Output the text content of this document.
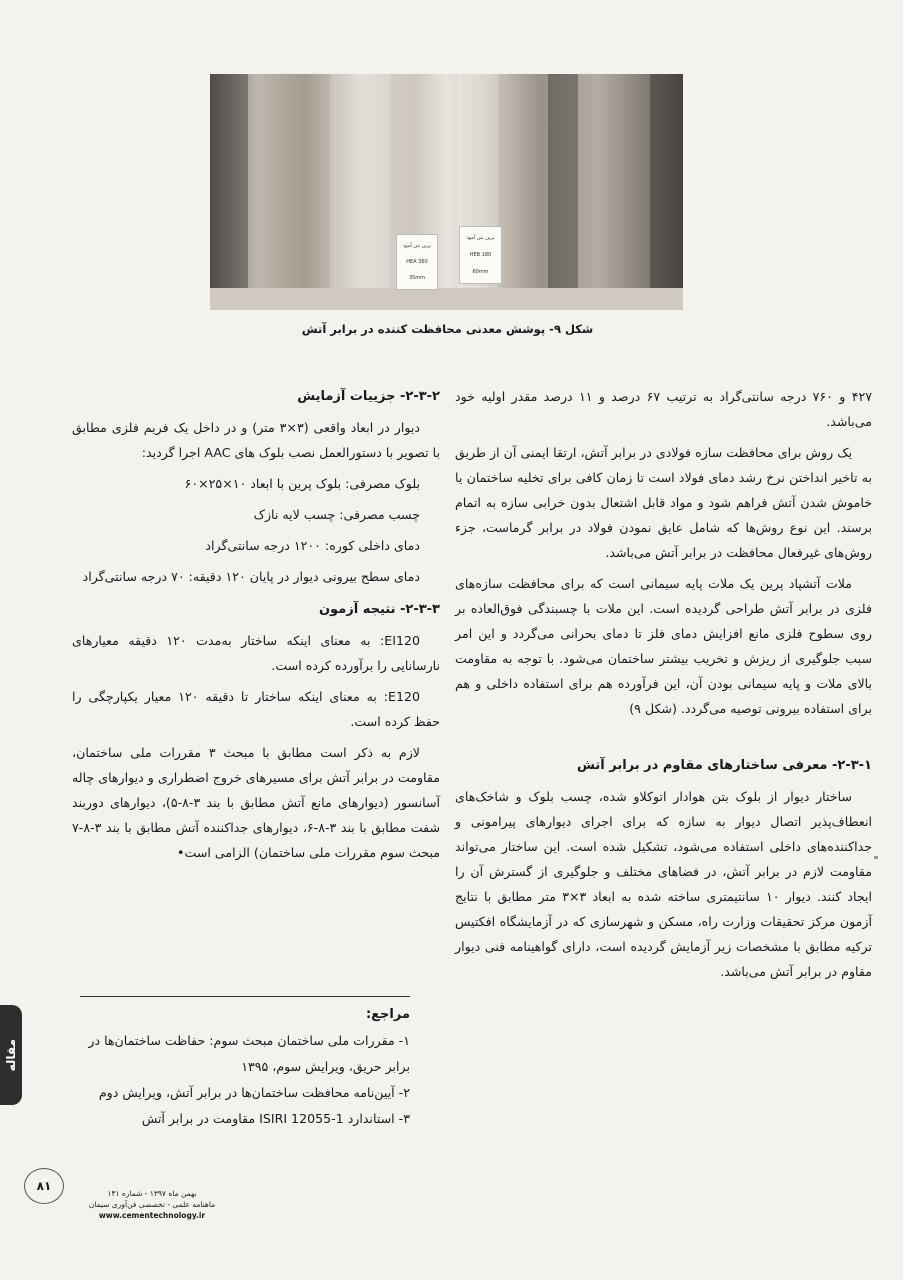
پرین بتن آمود
HEA 360
35mm
پرین بتن آمود
HEB 180
60mm
شکل ۹- پوشش معدنی محافظت کننده در برابر آتش

۴۲۷ و ۷۶۰ درجه سانتی‌گراد به ترتیب ۶۷ درصد و ۱۱ درصد مقدر اولیه خود می‌باشد.

یک روش برای محافظت سازه فولادی در برابر آتش، ارتقا ایمنی آن از طریق به تاخیر انداختن نرخ رشد دمای فولاد است تا زمان کافی برای تخلیه ساختمان یا خاموش شدن آتش فراهم شود و مواد قابل اشتعال بدون خرابی سازه به اتمام برسند. این نوع روش‌ها که شامل عایق نمودن فولاد در برابر گرماست، جزء روش‌های غیرفعال محافظت در برابر آتش می‌باشد.

ملات آتشپاد پرین یک ملات پایه سیمانی است که برای محافظت سازه‌های فلزی در برابر آتش طراحی گردیده است. این ملات با چسبندگی فوق‌العاده بر روی سطوح فلزی مانع افزایش دمای فلز تا دمای بحرانی می‌گردد و این امر سبب جلوگیری از ریزش و تخریب بیشتر ساختمان می‌شود. با توجه به مقاومت بالای ملات و پایه سیمانی بودن آن، این فرآورده هم برای استفاده داخلی و هم برای استفاده بیرونی توصیه می‌گردد. (شکل ۹)

۲-۳-۱- معرفی ساختارهای مقاوم در برابر آتش

ساختار دیوار از بلوک بتن هوادار اتوکلاو شده، چسب بلوک و شاخک‌های انعطاف‌پذیر اتصال دیوار به سازه که برای اجرای دیوارهای پیرامونی و جداکننده‌های داخلی استفاده می‌شود، تشکیل شده است. این ساختار می‌تواند مقاومت لازم در برابر آتش، در فضاهای مختلف و جلوگیری از گسترش آن را ایجاد کنند. دیوار ۱۰ سانتیمتری ساخته شده به ابعاد ۳×۳ متر مطابق با نتایج آزمون مرکز تحقیقات وزارت راه، مسکن و شهرسازی که در آزمایشگاه افکتیس ترکیه مطابق با مشخصات زیر آزمایش گردیده است، دارای گواهینامه فنی دیوار مقاوم در برابر آتش می‌باشد.

۲-۳-۲- جزییات آزمایش

دیوار در ابعاد واقعی (۳×۳ متر) و در داخل یک فریم فلزی مطابق با تصویر با دستورالعمل نصب بلوک های AAC اجرا گردید:

بلوک مصرفی: بلوک پرین با ابعاد ۱۰×۲۵×۶۰

چسب مصرفی: چسب لایه نازک

دمای داخلی کوره: ۱۲۰۰ درجه سانتی‌گراد

دمای سطح بیرونی دیوار در پایان ۱۲۰ دقیقه: ۷۰ درجه سانتی‌گراد

۲-۳-۳- نتیجه آزمون

EI120: به معنای اینکه ساختار به‌مدت ۱۲۰ دقیقه معیارهای نارسانایی را برآورده کرده است.

E120: به معنای اینکه ساختار تا دقیقه ۱۲۰ معیار یکپارچگی را حفظ کرده است.

لازم به ذکر است مطابق با مبحث ۳ مقررات ملی ساختمان، مقاومت در برابر آتش برای مسیرهای خروج اضطراری و دیوارهای چاله آسانسور (دیوارهای مانع آتش مطابق با بند ۳-۸-۵)، دیوارهای دوربند شفت مطابق با بند ۳-۸-۶، دیوارهای جداکننده آتش مطابق با بند ۳-۸-۷ مبحث سوم مقررات ملی ساختمان) الزامی است•

مراجع:

۱- مقررات ملی ساختمان مبحث سوم: حفاظت ساختمان‌ها در برابر حریق، ویرایش سوم، ۱۳۹۵

۲- آیین‌نامه محافظت ساختمان‌ها در برابر آتش، ویرایش دوم

۳- استاندارد ISIRI 12055-1 مقاومت در برابر آتش

مقاله
۸۱
بهمن ماه ۱۳۹۷ - شماره ۱۴۱
ماهنامه علمی - تخصصی فن‌آوری سیمان
www.cementechnology.ir
